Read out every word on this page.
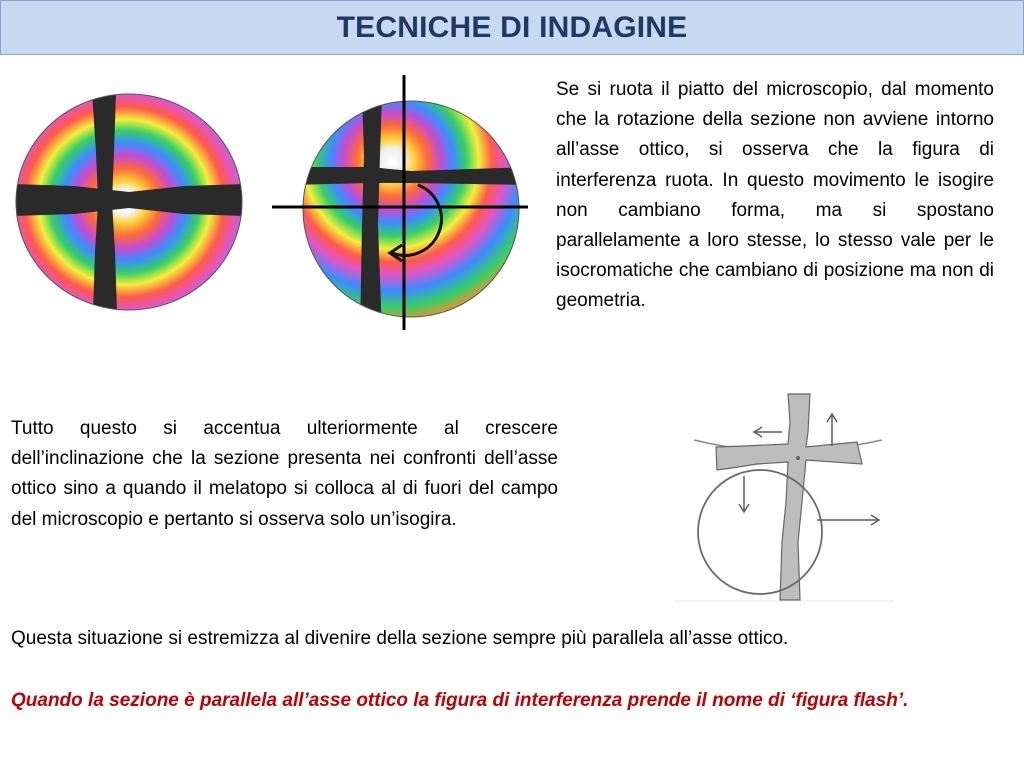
TECNICHE DI INDAGINE

Se si ruota il piatto del microscopio, dal momento che la rotazione della sezione non avviene intorno all’asse ottico, si osserva che la figura di interferenza ruota. In questo movimento le isogire non cambiano forma, ma si spostano parallelamente a loro stesse, lo stesso vale per le isocromatiche che cambiano di posizione ma non di geometria.

Tutto questo si accentua ulteriormente al crescere dell’inclinazione che la sezione presenta nei confronti dell’asse ottico sino a quando il melatopo si colloca al di fuori del campo del microscopio e pertanto si osserva solo un’isogira.

Questa situazione si estremizza al divenire della sezione sempre più parallela all’asse ottico.

Quando la sezione è parallela all’asse ottico la figura di interferenza prende il nome di ‘figura flash’.
